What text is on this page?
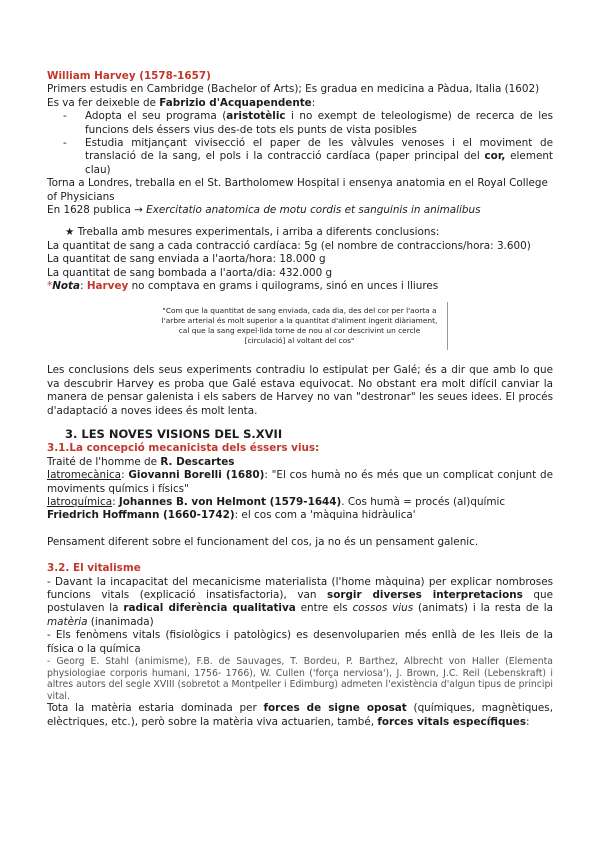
William Harvey (1578-1657)

Primers estudis en Cambridge (Bachelor of Arts); Es gradua en medicina a Pàdua, Italia (1602)

Es va fer deixeble de Fabrizio d'Acquapendente:

- Adopta el seu programa (aristotèlic i no exempt de teleologisme) de recerca de les funcions dels éssers vius des-de tots els punts de vista posibles
- Estudia mitjançant vivisecció el paper de les vàlvules venoses i el moviment de translació de la sang, el pols i la contracció cardíaca (paper principal del cor, element clau)

Torna a Londres, treballa en el St. Bartholomew Hospital i ensenya anatomia en el Royal College of Physicians

En 1628 publica → Exercitatio anatomica de motu cordis et sanguinis in animalibus

★ Treballa amb mesures experimentals, i arriba a diferents conclusions:

La quantitat de sang a cada contracció cardíaca: 5g (el nombre de contraccions/hora: 3.600)

La quantitat de sang enviada a l'aorta/hora: 18.000 g

La quantitat de sang bombada a l'aorta/dia: 432.000 g

*Nota: Harvey no comptava en grams i quilograms, sinó en unces i lliures

"Com que la quantitat de sang enviada, cada dia, des del cor per l'aorta a l'arbre arterial és molt superior a la quantitat d'aliment ingerit diàriament, cal que la sang expel·lida torne de nou al cor descrivint un cercle [circulació] al voltant del cos"

Les conclusions dels seus experiments contradiu lo estipulat per Galé; és a dir que amb lo que va descubrir Harvey es proba que Galé estava equivocat. No obstant era molt difícil canviar la manera de pensar galenista i els sabers de Harvey no van "destronar" les seues idees. El procés d'adaptació a noves idees és molt lenta.

3. LES NOVES VISIONS DEL S.XVII

3.1.La concepció mecanicista dels éssers vius:

Traité de l'homme de R. Descartes

Iatromecànica: Giovanni Borelli (1680): "El cos humà no és més que un complicat conjunt de moviments químics i físics"

Iatroquímica: Johannes B. von Helmont (1579-1644). Cos humà = procés (al)químic

Friedrich Hoffmann (1660-1742): el cos com a 'màquina hidràulica'

Pensament diferent sobre el funcionament del cos, ja no és un pensament galenic.

3.2. El vitalisme

- Davant la incapacitat del mecanicisme materialista (l'home màquina) per explicar nombroses funcions vitals (explicació insatisfactoria), van sorgir diverses interpretacions que postulaven la radical diferència qualitativa entre els cossos vius (animats) i la resta de la matèria (inanimada)

- Els fenòmens vitals (fisiològics i patològics) es desenvoluparien més enllà de les lleis de la física o la química

- Georg E. Stahl (animisme), F.B. de Sauvages, T. Bordeu, P. Barthez, Albrecht von Haller (Elementa physiologiae corporis humani, 1756- 1766), W. Cullen ('força nerviosa'), J. Brown, J.C. Reil (Lebenskraft) i altres autors del segle XVIII (sobretot a Montpeller i Edimburg) admeten l'existència d'algun tipus de principi vital.

Tota la matèria estaria dominada per forces de signe oposat (químiques, magnètiques, elèctriques, etc.), però sobre la matèria viva actuarien, també, forces vitals específiques:
